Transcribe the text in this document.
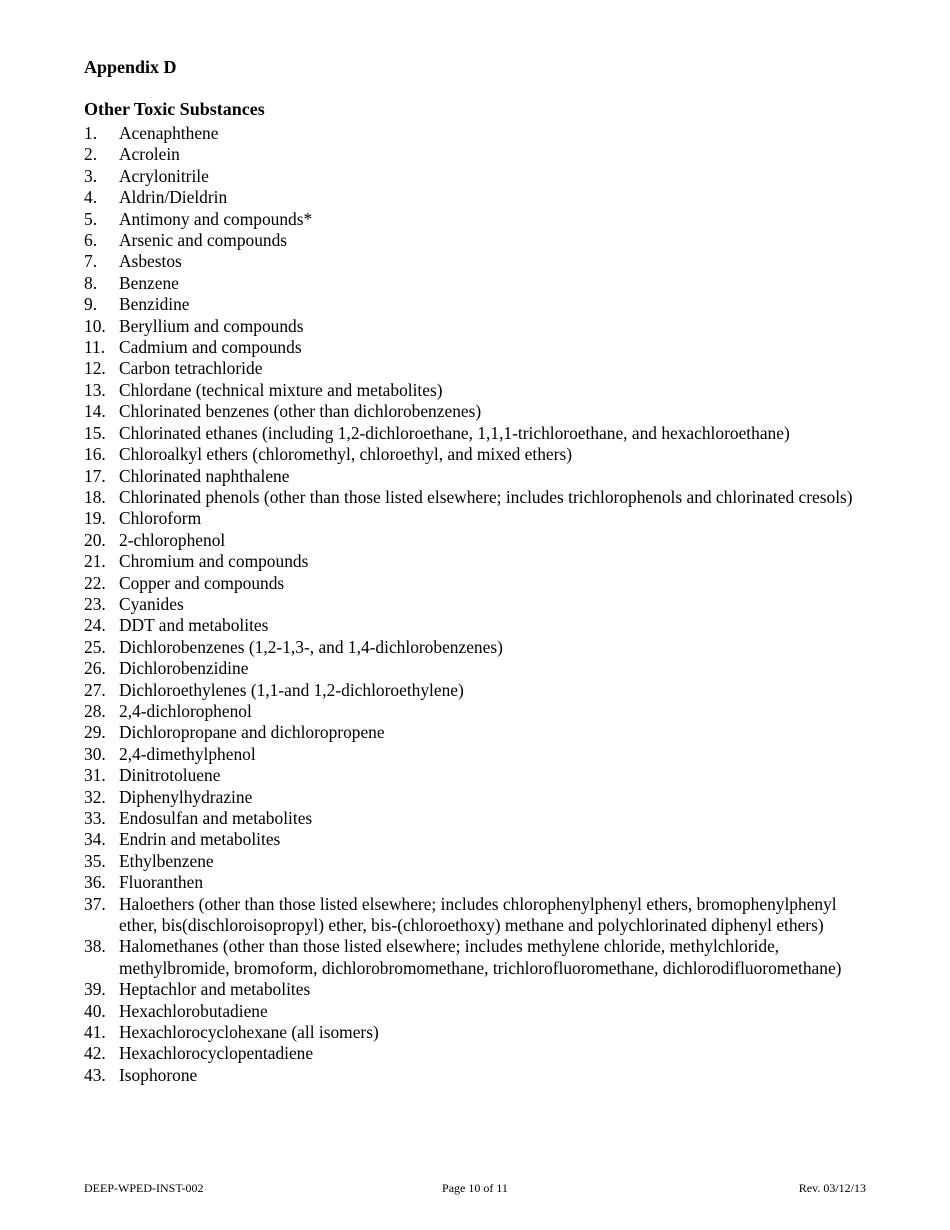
Appendix D
Other Toxic Substances
1.	Acenaphthene
2.	Acrolein
3.	Acrylonitrile
4.	Aldrin/Dieldrin
5.	Antimony and compounds*
6.	Arsenic and compounds
7.	Asbestos
8.	Benzene
9.	Benzidine
10. Beryllium and compounds
11. Cadmium and compounds
12. Carbon tetrachloride
13. Chlordane (technical mixture and metabolites)
14. Chlorinated benzenes (other than dichlorobenzenes)
15. Chlorinated ethanes (including 1,2-dichloroethane, 1,1,1-trichloroethane, and hexachloroethane)
16. Chloroalkyl ethers (chloromethyl, chloroethyl, and mixed ethers)
17. Chlorinated naphthalene
18. Chlorinated phenols (other than those listed elsewhere; includes trichlorophenols and chlorinated cresols)
19. Chloroform
20. 2-chlorophenol
21. Chromium and compounds
22. Copper and compounds
23. Cyanides
24. DDT and metabolites
25. Dichlorobenzenes (1,2-1,3-, and 1,4-dichlorobenzenes)
26. Dichlorobenzidine
27. Dichloroethylenes (1,1-and 1,2-dichloroethylene)
28. 2,4-dichlorophenol
29. Dichloropropane and dichloropropene
30. 2,4-dimethylphenol
31. Dinitrotoluene
32. Diphenylhydrazine
33. Endosulfan and metabolites
34. Endrin and metabolites
35. Ethylbenzene
36. Fluoranthen
37. Haloethers (other than those listed elsewhere; includes chlorophenylphenyl ethers, bromophenylphenyl ether, bis(dischloroisopropyl) ether, bis-(chloroethoxy) methane and polychlorinated diphenyl ethers)
38. Halomethanes (other than those listed elsewhere; includes methylene chloride, methylchloride, methylbromide, bromoform, dichlorobromomethane, trichlorofluoromethane, dichlorodifluoromethane)
39. Heptachlor and metabolites
40. Hexachlorobutadiene
41. Hexachlorocyclohexane (all isomers)
42. Hexachlorocyclopentadiene
43. Isophorone
DEEP-WPED-INST-002	Page 10 of 11	Rev. 03/12/13
